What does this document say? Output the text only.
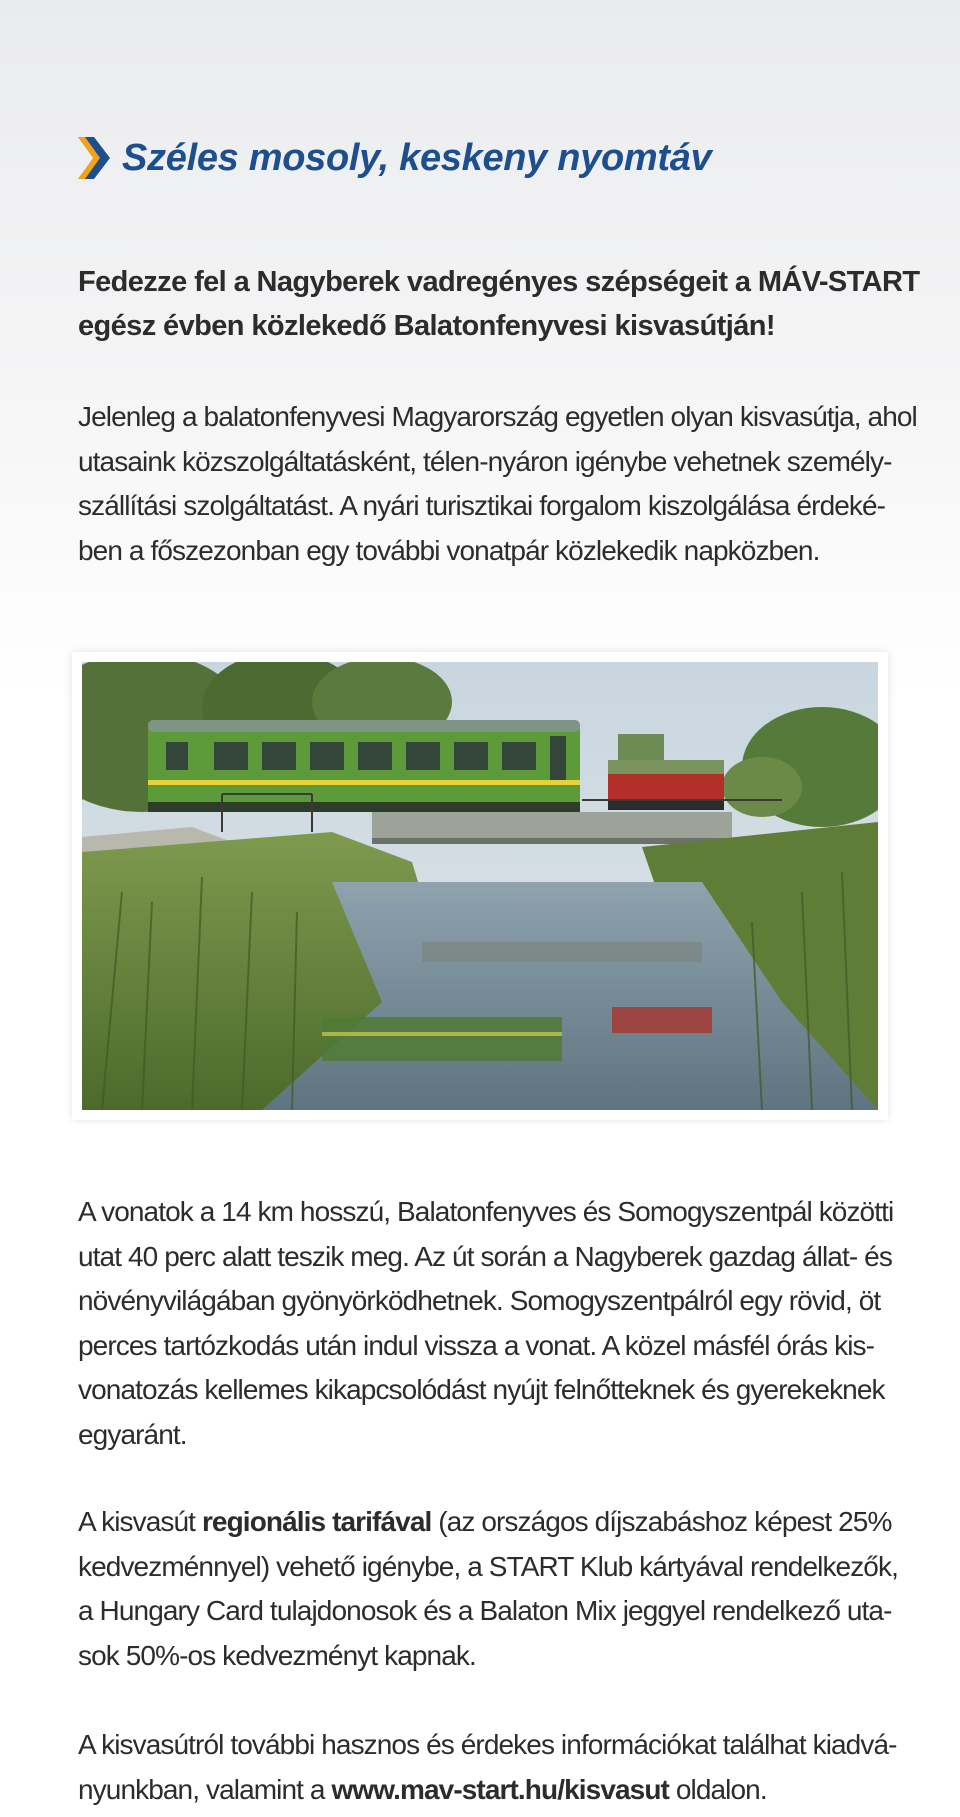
Széles mosoly, keskeny nyomtáv

Fedezze fel a Nagyberek vadregényes szépségeit a MÁV-START
egész évben közlekedő Balatonfenyvesi kisvasútján!

Jelenleg a balatonfenyvesi Magyarország egyetlen olyan kisvasútja, ahol
utasaink közszolgáltatásként, télen-nyáron igénybe vehetnek személy-
szállítási szolgáltatást. A nyári turisztikai forgalom kiszolgálása érdeké-
ben a főszezonban egy további vonatpár közlekedik napközben.

A vonatok a 14 km hosszú, Balatonfenyves és Somogyszentpál közötti
utat 40 perc alatt teszik meg. Az út során a Nagyberek gazdag állat- és
növényvilágában gyönyörködhetnek. Somogyszentpálról egy rövid, öt
perces tartózkodás után indul vissza a vonat. A közel másfél órás kis-
vonatozás kellemes kikapcsolódást nyújt felnőtteknek és gyerekeknek
egyaránt.

A kisvasút regionális tarifával (az országos díjszabáshoz képest 25%
kedvezménnyel) vehető igénybe, a START Klub kártyával rendelkezők,
a Hungary Card tulajdonosok és a Balaton Mix jeggyel rendelkező uta-
sok 50%-os kedvezményt kapnak.

A kisvasútról további hasznos és érdekes információkat találhat kiadvá-
nyunkban, valamint a www.mav-start.hu/kisvasut oldalon.
